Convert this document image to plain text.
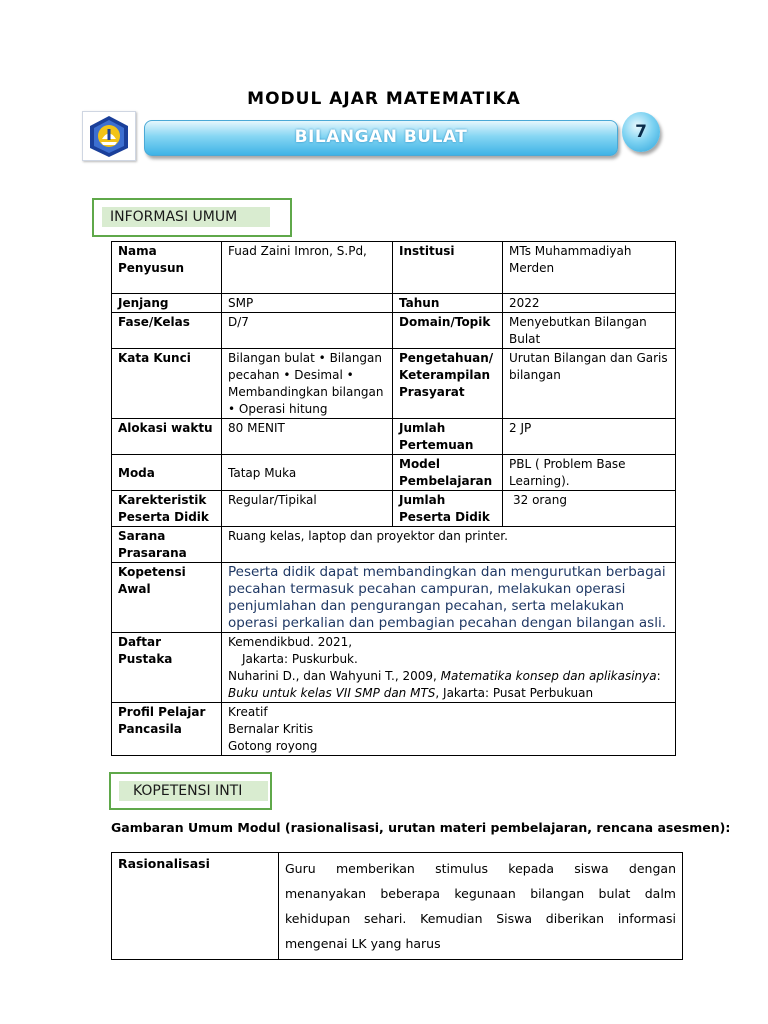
MODUL AJAR MATEMATIKA
BILANGAN BULAT	7
INFORMASI UMUM
Nama Penyusun	Fuad Zaini Imron, S.Pd,	Institusi	MTs Muhammadiyah Merden
Jenjang	SMP	Tahun	2022
Fase/Kelas	D/7	Domain/Topik	Menyebutkan Bilangan Bulat
Kata Kunci	Bilangan bulat • Bilangan pecahan • Desimal • Membandingkan bilangan • Operasi hitung	Pengetahuan/ Keterampilan Prasyarat	Urutan Bilangan dan Garis bilangan
Alokasi waktu	80 MENIT	Jumlah Pertemuan	2 JP
Moda	Tatap Muka	Model Pembelajaran	PBL ( Problem Base Learning).
Karekteristik Peserta Didik	Regular/Tipikal	Jumlah Peserta Didik	32 orang
Sarana Prasarana	Ruang kelas, laptop dan proyektor dan printer.		
Kopetensi Awal	Peserta didik dapat membandingkan dan mengurutkan berbagai pecahan termasuk pecahan campuran, melakukan operasi penjumlahan dan pengurangan pecahan, serta melakukan operasi perkalian dan pembagian pecahan dengan bilangan asli.		
Daftar Pustaka	Kemendikbud. 2021,
Jakarta: Puskurbuk.
Nuharini D., dan Wahyuni T., 2009, Matematika konsep dan aplikasinya:
Buku untuk kelas VII SMP dan MTS, Jakarta: Pusat Perbukuan		

Profil Pelajar Pancasila	Kreatif
Bernalar Kritis
Gotong royong		
KOPETENSI INTI
Gambaran Umum Modul (rasionalisasi, urutan materi pembelajaran, rencana asesmen):
Rasionalisasi	Guru memberikan stimulus kepada siswa dengan menanyakan beberapa kegunaan bilangan bulat dalm kehidupan sehari. Kemudian Siswa diberikan informasi mengenai LK yang harus
